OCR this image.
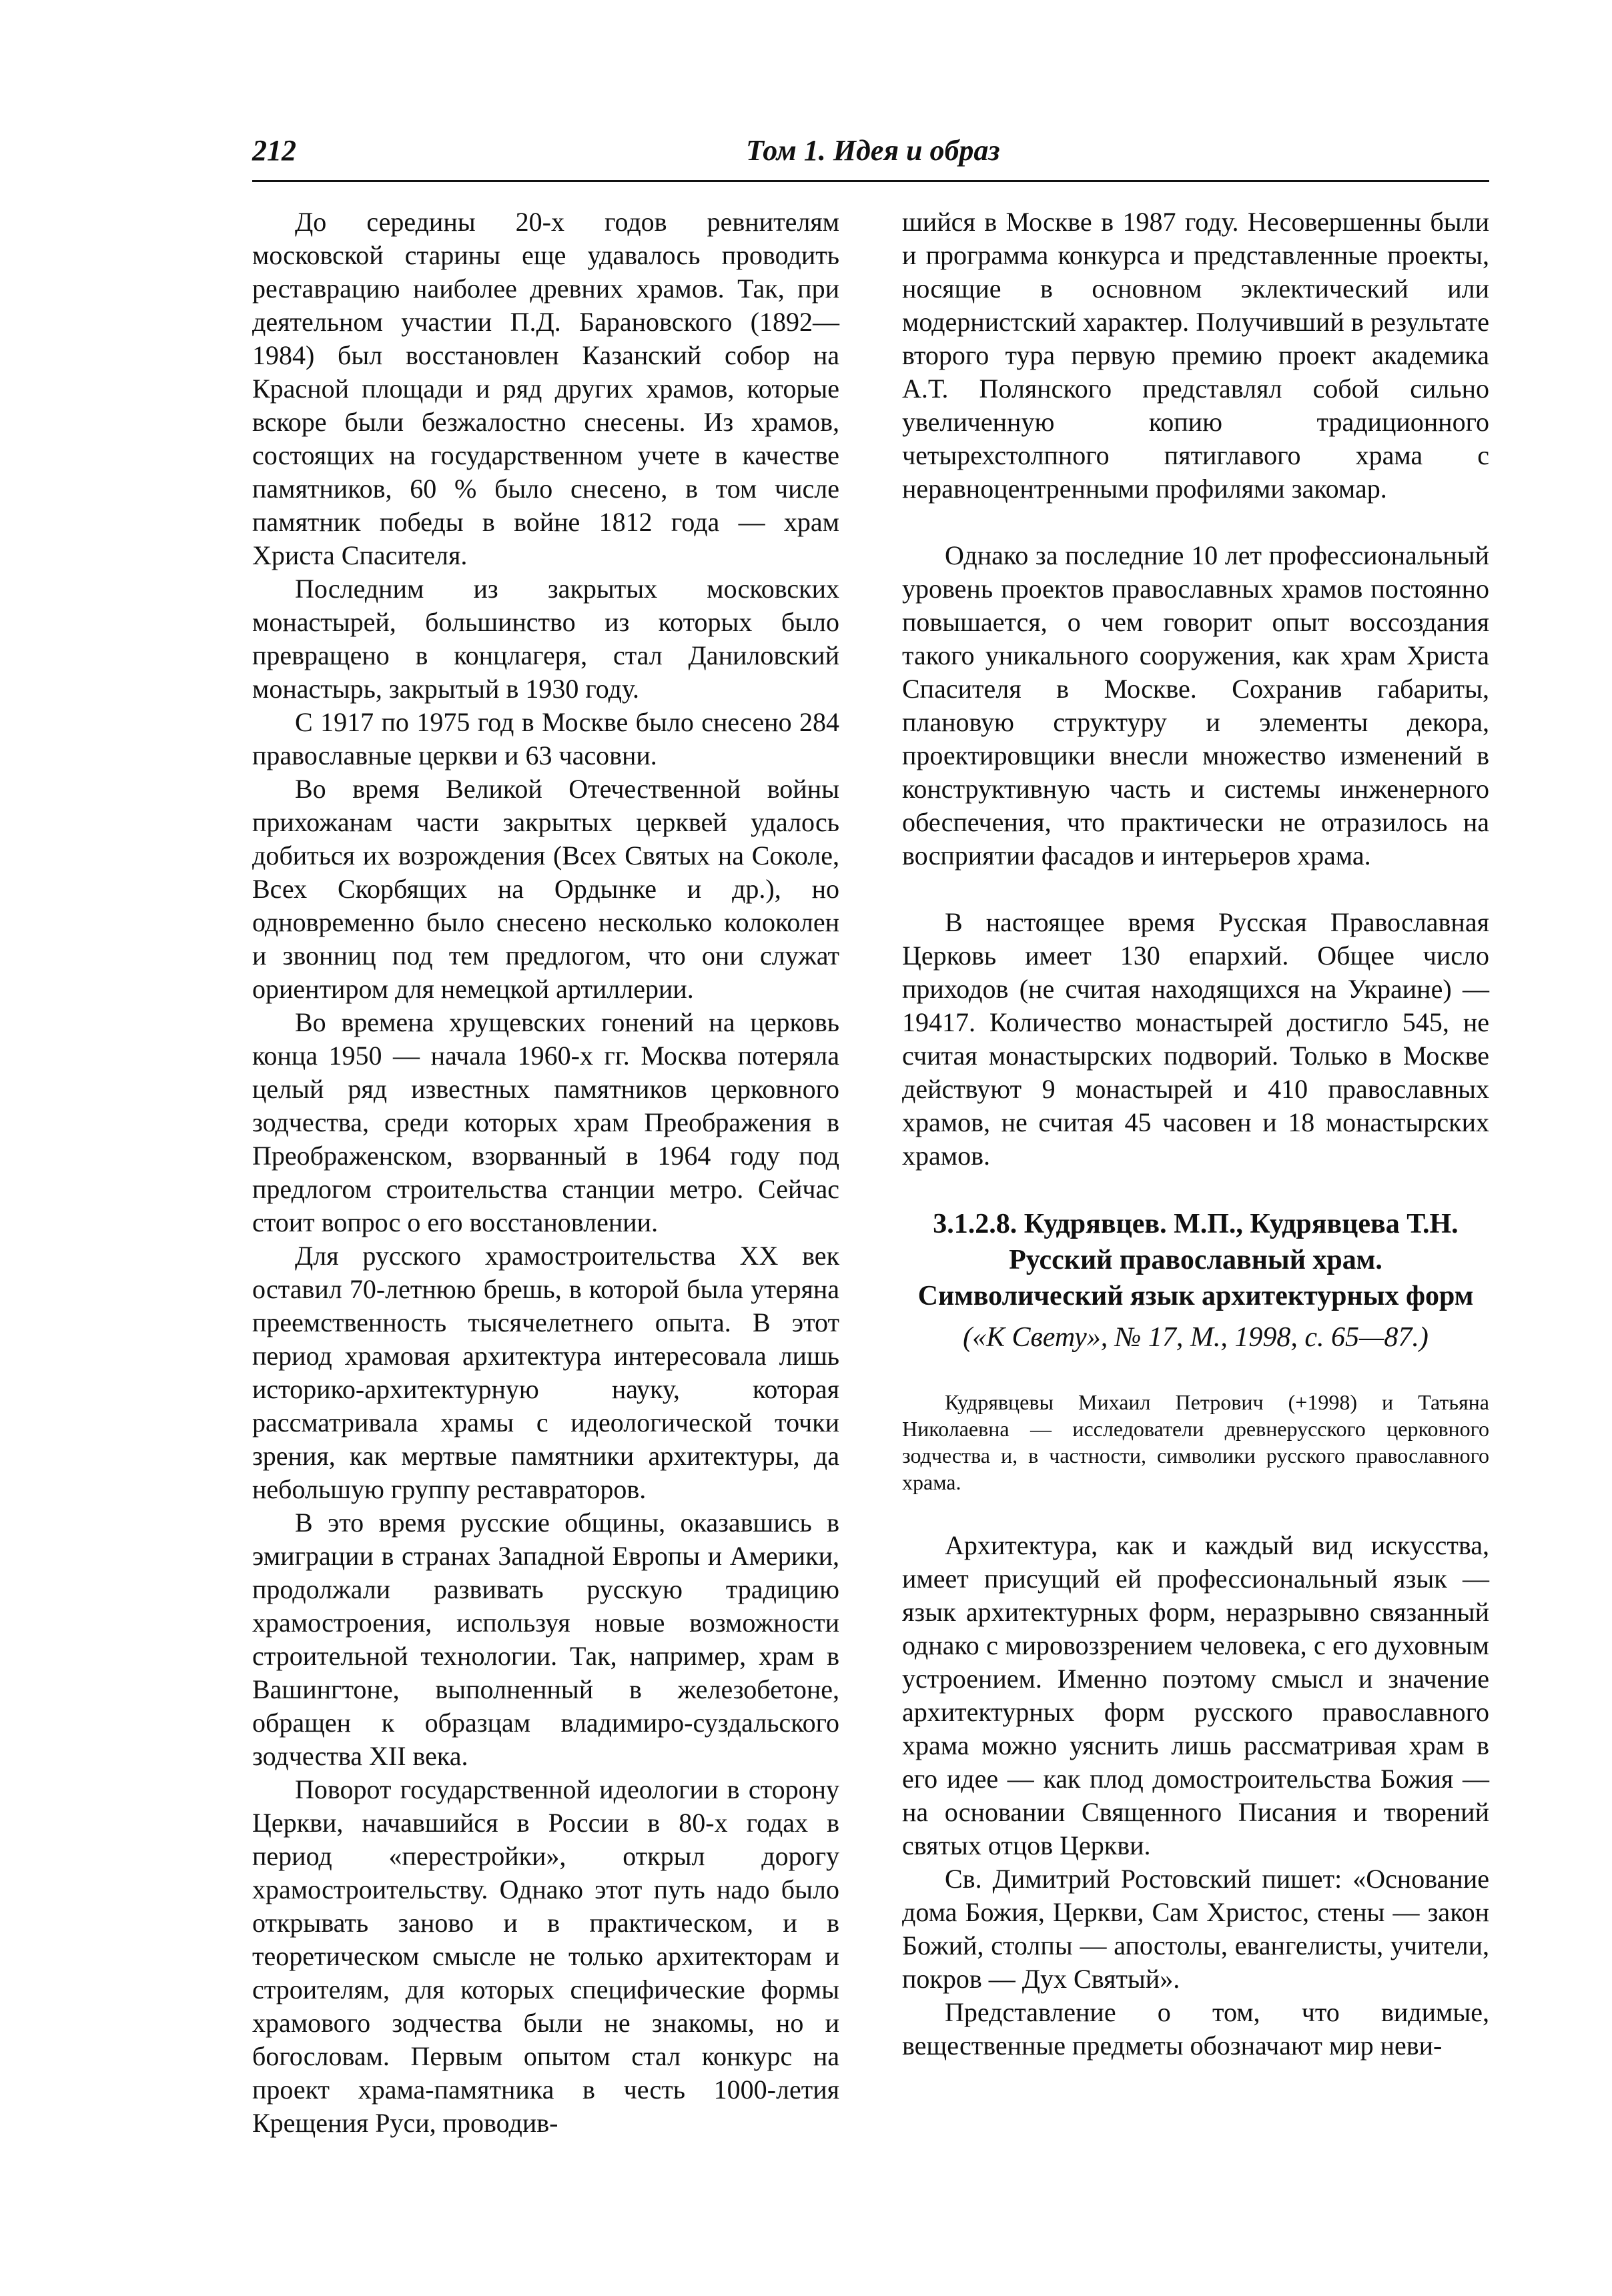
212	Том 1. Идея и образ

До середины 20-х годов ревнителям московской старины еще удавалось проводить реставрацию наиболее древних храмов. Так, при деятельном участии П.Д. Барановского (1892—1984) был восстановлен Казанский собор на Красной площади и ряд других храмов, которые вскоре были безжалостно снесены. Из храмов, состоящих на государственном учете в качестве памятников, 60 % было снесено, в том числе памятник победы в войне 1812 года — храм Христа Спасителя.

Последним из закрытых московских монастырей, большинство из которых было превращено в концлагеря, стал Даниловский монастырь, закрытый в 1930 году.

С 1917 по 1975 год в Москве было снесено 284 православные церкви и 63 часовни.

Во время Великой Отечественной войны прихожанам части закрытых церквей удалось добиться их возрождения (Всех Святых на Соколе, Всех Скорбящих на Ордынке и др.), но одновременно было снесено несколько колоколен и звонниц под тем предлогом, что они служат ориентиром для немецкой артиллерии.

Во времена хрущевских гонений на церковь конца 1950 — начала 1960-х гг. Москва потеряла целый ряд известных памятников церковного зодчества, среди которых храм Преображения в Преображенском, взорванный в 1964 году под предлогом строительства станции метро. Сейчас стоит вопрос о его восстановлении.

Для русского храмостроительства XX век оставил 70-летнюю брешь, в которой была утеряна преемственность тысячелетнего опыта. В этот период храмовая архитектура интересовала лишь историко-архитектурную науку, которая рассматривала храмы с идеологической точки зрения, как мертвые памятники архитектуры, да небольшую группу реставраторов.

В это время русские общины, оказавшись в эмиграции в странах Западной Европы и Америки, продолжали развивать русскую традицию храмостроения, используя новые возможности строительной технологии. Так, например, храм в Вашингтоне, выполненный в железобетоне, обращен к образцам владимиро-суздальского зодчества XII века.

Поворот государственной идеологии в сторону Церкви, начавшийся в России в 80-х годах в период «перестройки», открыл дорогу храмостроительству. Однако этот путь надо было открывать заново и в практическом, и в теоретическом смысле не только архитекторам и строителям, для которых специфические формы храмового зодчества были не знакомы, но и богословам. Первым опытом стал конкурс на проект храма-памятника в честь 1000-летия Крещения Руси, проводив-

шийся в Москве в 1987 году. Несовершенны были и программа конкурса и представленные проекты, носящие в основном эклектический или модернистский характер. Получивший в результате второго тура первую премию проект академика А.Т. Полянского представлял собой сильно увеличенную копию традиционного четырехстолпного пятиглавого храма с неравноцентренными профилями закомар.

Однако за последние 10 лет профессиональный уровень проектов православных храмов постоянно повышается, о чем говорит опыт воссоздания такого уникального сооружения, как храм Христа Спасителя в Москве. Сохранив габариты, плановую структуру и элементы декора, проектировщики внесли множество изменений в конструктивную часть и системы инженерного обеспечения, что практически не отразилось на восприятии фасадов и интерьеров храма.

В настоящее время Русская Православная Церковь имеет 130 епархий. Общее число приходов (не считая находящихся на Украине) — 19417. Количество монастырей достигло 545, не считая монастырских подворий. Только в Москве действуют 9 монастырей и 410 православных храмов, не считая 45 часовен и 18 монастырских храмов.

3.1.2.8. Кудрявцев. М.П., Кудрявцева Т.Н.
Русский православный храм.
Символический язык архитектурных форм
(«К Свету», № 17, М., 1998, с. 65—87.)
Кудрявцевы Михаил Петрович (+1998) и Татьяна Николаевна — исследователи древнерусского церковного зодчества и, в частности, символики русского православного храма.

Архитектура, как и каждый вид искусства, имеет присущий ей профессиональный язык — язык архитектурных форм, неразрывно связанный однако с мировоззрением человека, с его духовным устроением. Именно поэтому смысл и значение архитектурных форм русского православного храма можно уяснить лишь рассматривая храм в его идее — как плод домостроительства Божия — на основании Священного Писания и творений святых отцов Церкви.

Св. Димитрий Ростовский пишет: «Основание дома Божия, Церкви, Сам Христос, стены — закон Божий, столпы — апостолы, евангелисты, учители, покров — Дух Святый».

Представление о том, что видимые, вещественные предметы обозначают мир неви-
